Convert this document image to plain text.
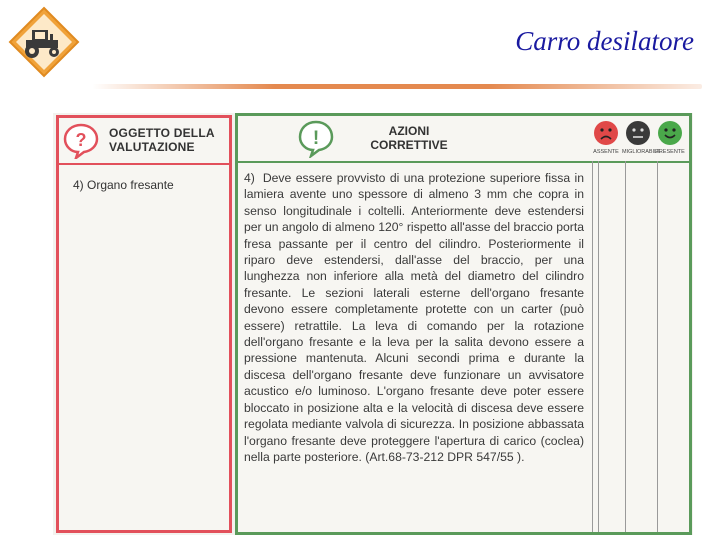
Carro desilatore
? OGGETTO DELLA VALUTAZIONE
4) Organo fresante
!	AZIONI CORRETTIVE	ASSENTE MIGLIORABILE
PRESENTE
4) Deve essere provvisto di una protezione superiore fissa in lamiera avente uno spessore di almeno 3 mm che copra in senso longitudinale i coltelli. Anteriormente deve estendersi per un angolo di almeno 120° rispetto all'asse del braccio porta fresa passante per il centro del cilindro. Posteriormente il riparo deve estendersi, dall'asse del braccio, per una lunghezza non inferiore alla metà del diametro del cilindro fresante. Le sezioni laterali esterne dell'organo fresante devono essere completamente protette con un carter (può essere) retrattile. La leva di comando per la rotazione dell'organo fresante e la leva per la salita devono essere a pressione mantenuta. Alcuni secondi prima e durante la discesa dell'organo fresante deve funzionare un avvisatore acustico e/o luminoso. L'organo fresante deve poter essere bloccato in posizione alta e la velocità di discesa deve essere regolata mediante valvola di sicurezza. In posizione abbassata l'organo fresante deve proteggere l'apertura di carico (coclea) nella parte posteriore. (Art.68-73-212 DPR 547/55 ).
